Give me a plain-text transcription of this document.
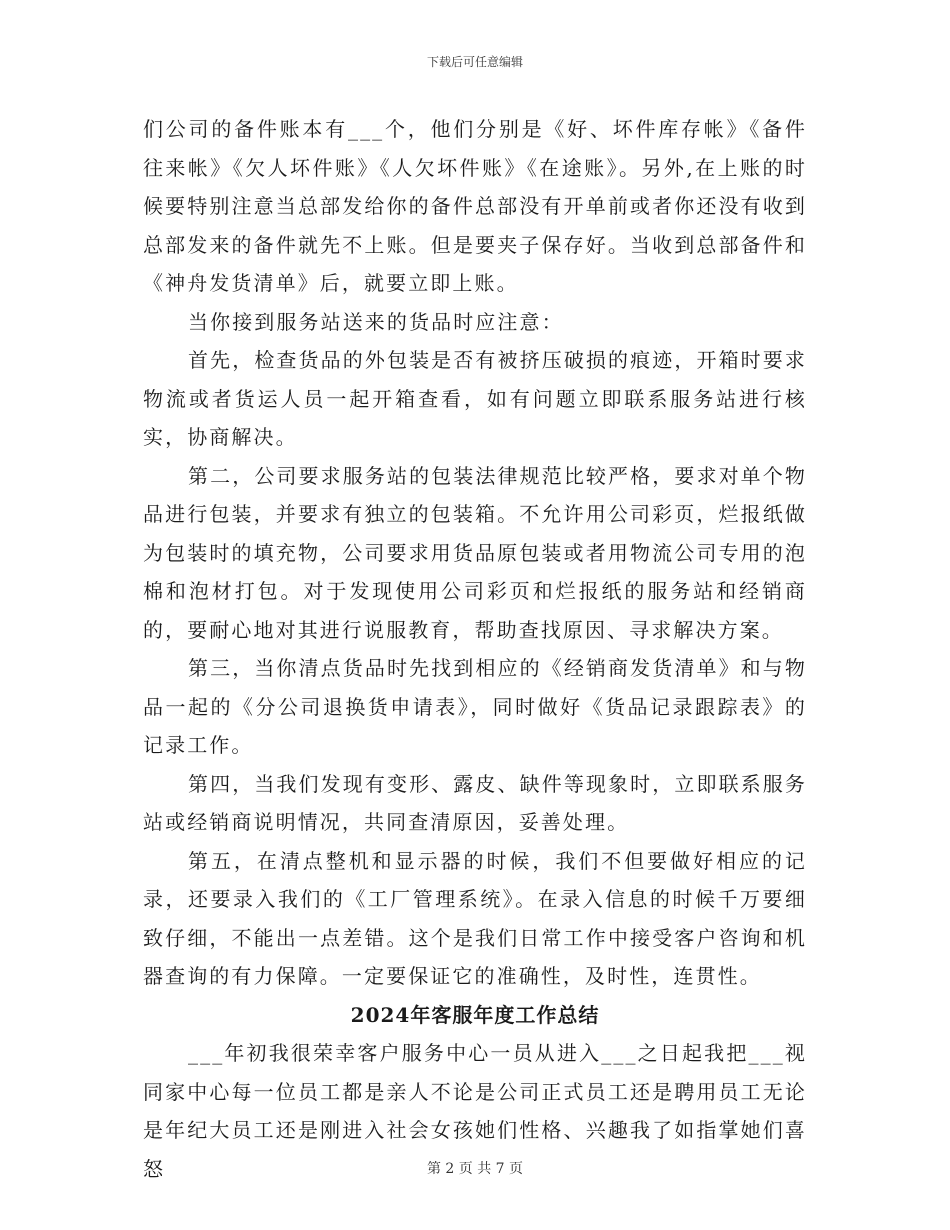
下载后可任意编辑

们公司的备件账本有___个，他们分别是《好、坏件库存帐》《备件往来帐》《欠人坏件账》《人欠坏件账》《在途账》。另外,在上账的时候要特别注意当总部发给你的备件总部没有开单前或者你还没有收到总部发来的备件就先不上账。但是要夹子保存好。当收到总部备件和《神舟发货清单》后，就要立即上账。

当你接到服务站送来的货品时应注意：

首先，检查货品的外包装是否有被挤压破损的痕迹，开箱时要求物流或者货运人员一起开箱查看，如有问题立即联系服务站进行核实，协商解决。

第二，公司要求服务站的包装法律规范比较严格，要求对单个物品进行包装，并要求有独立的包装箱。不允许用公司彩页，烂报纸做为包装时的填充物，公司要求用货品原包装或者用物流公司专用的泡棉和泡材打包。对于发现使用公司彩页和烂报纸的服务站和经销商的，要耐心地对其进行说服教育，帮助查找原因、寻求解决方案。

第三，当你清点货品时先找到相应的《经销商发货清单》和与物品一起的《分公司退换货申请表》，同时做好《货品记录跟踪表》的记录工作。

第四，当我们发现有变形、露皮、缺件等现象时，立即联系服务站或经销商说明情况，共同查清原因，妥善处理。

第五，在清点整机和显示器的时候，我们不但要做好相应的记录，还要录入我们的《工厂管理系统》。在录入信息的时候千万要细致仔细，不能出一点差错。这个是我们日常工作中接受客户咨询和机器查询的有力保障。一定要保证它的准确性，及时性，连贯性。

2024年客服年度工作总结

___年初我很荣幸客户服务中心一员从进入___之日起我把___视同家中心每一位员工都是亲人不论是公司正式员工还是聘用员工无论是年纪大员工还是刚进入社会女孩她们性格、兴趣我了如指掌她们喜怒	第 2 页 共 7 页
